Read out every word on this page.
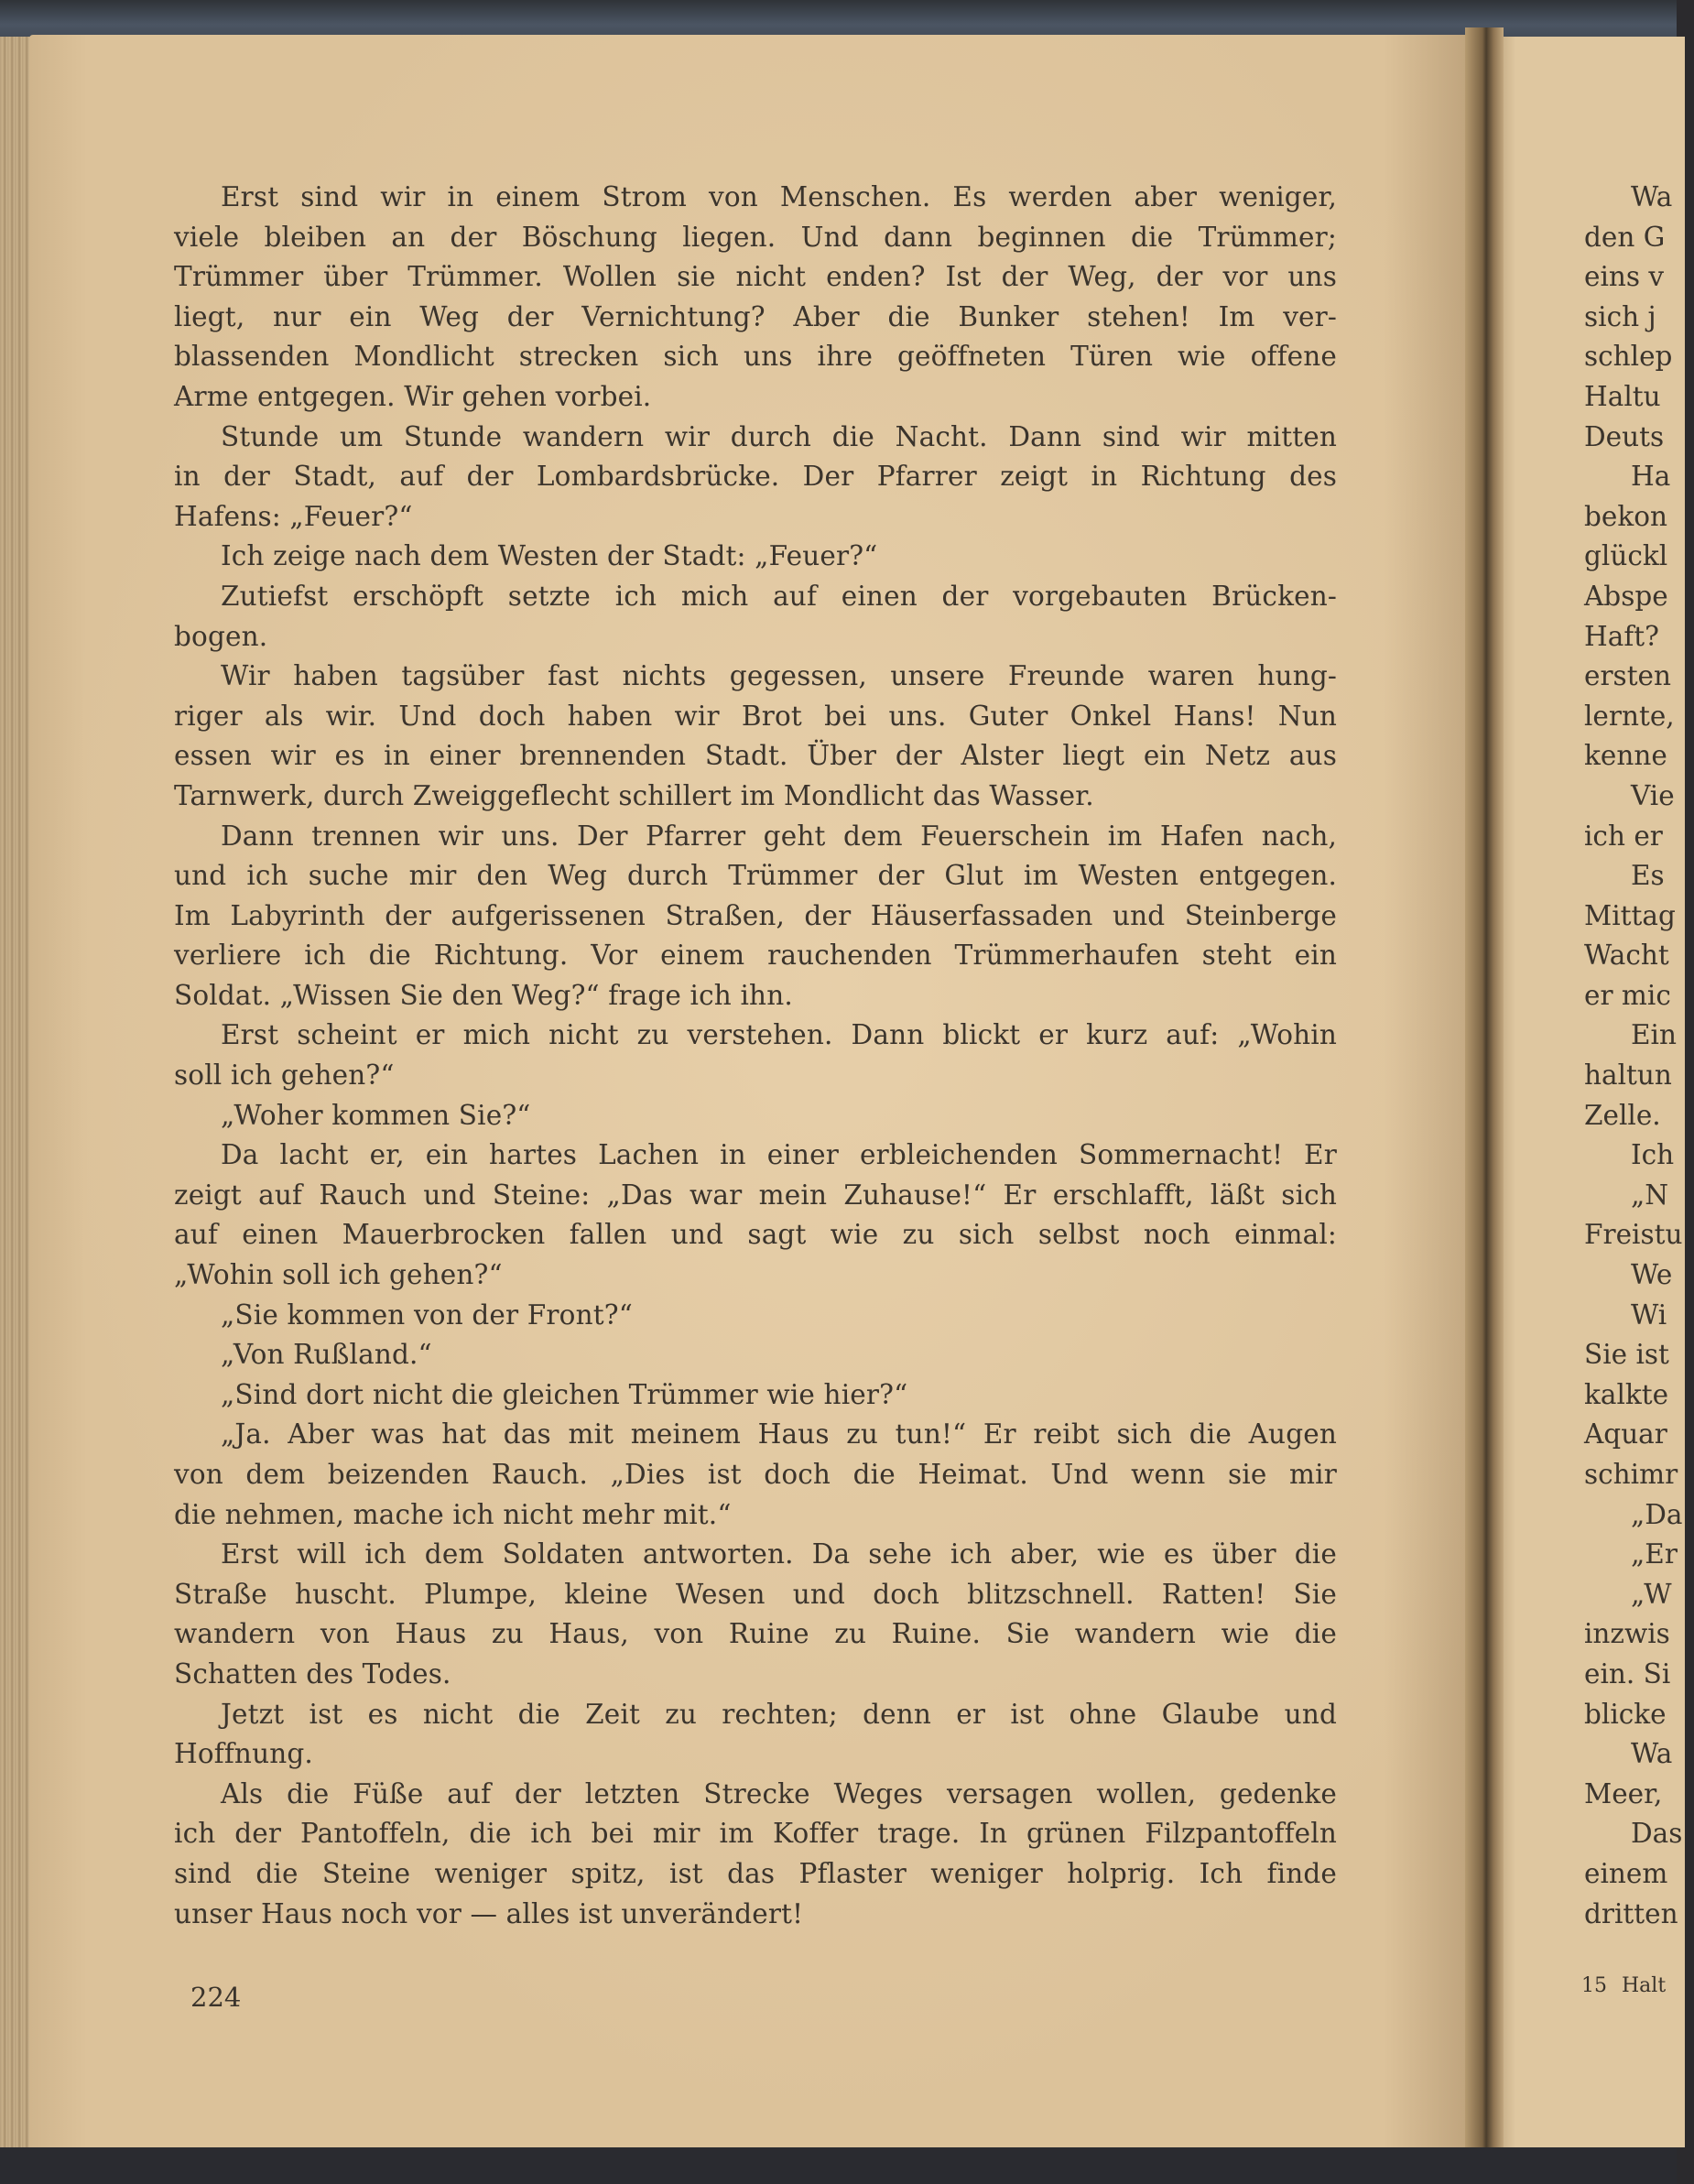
Erst sind wir in einem Strom von Menschen. Es werden aber weniger,
viele bleiben an der Böschung liegen. Und dann beginnen die Trümmer;
Trümmer über Trümmer. Wollen sie nicht enden? Ist der Weg, der vor uns
liegt, nur ein Weg der Vernichtung? Aber die Bunker stehen! Im ver-
blassenden Mondlicht strecken sich uns ihre geöffneten Türen wie offene
Arme entgegen. Wir gehen vorbei.
Stunde um Stunde wandern wir durch die Nacht. Dann sind wir mitten
in der Stadt, auf der Lombardsbrücke. Der Pfarrer zeigt in Richtung des
Hafens: „Feuer?“
Ich zeige nach dem Westen der Stadt: „Feuer?“
Zutiefst erschöpft setzte ich mich auf einen der vorgebauten Brücken-
bogen.
Wir haben tagsüber fast nichts gegessen, unsere Freunde waren hung-
riger als wir. Und doch haben wir Brot bei uns. Guter Onkel Hans! Nun
essen wir es in einer brennenden Stadt. Über der Alster liegt ein Netz aus
Tarnwerk, durch Zweiggeflecht schillert im Mondlicht das Wasser.
Dann trennen wir uns. Der Pfarrer geht dem Feuerschein im Hafen nach,
und ich suche mir den Weg durch Trümmer der Glut im Westen entgegen.
Im Labyrinth der aufgerissenen Straßen, der Häuserfassaden und Steinberge
verliere ich die Richtung. Vor einem rauchenden Trümmerhaufen steht ein
Soldat. „Wissen Sie den Weg?“ frage ich ihn.
Erst scheint er mich nicht zu verstehen. Dann blickt er kurz auf: „Wohin
soll ich gehen?“
„Woher kommen Sie?“
Da lacht er, ein hartes Lachen in einer erbleichenden Sommernacht! Er
zeigt auf Rauch und Steine: „Das war mein Zuhause!“ Er erschlafft, läßt sich
auf einen Mauerbrocken fallen und sagt wie zu sich selbst noch einmal:
„Wohin soll ich gehen?“
„Sie kommen von der Front?“
„Von Rußland.“
„Sind dort nicht die gleichen Trümmer wie hier?“
„Ja. Aber was hat das mit meinem Haus zu tun!“ Er reibt sich die Augen
von dem beizenden Rauch. „Dies ist doch die Heimat. Und wenn sie mir
die nehmen, mache ich nicht mehr mit.“
Erst will ich dem Soldaten antworten. Da sehe ich aber, wie es über die
Straße huscht. Plumpe, kleine Wesen und doch blitzschnell. Ratten! Sie
wandern von Haus zu Haus, von Ruine zu Ruine. Sie wandern wie die
Schatten des Todes.
Jetzt ist es nicht die Zeit zu rechten; denn er ist ohne Glaube und
Hoffnung.
Als die Füße auf der letzten Strecke Weges versagen wollen, gedenke
ich der Pantoffeln, die ich bei mir im Koffer trage. In grünen Filzpantoffeln
sind die Steine weniger spitz, ist das Pflaster weniger holprig. Ich finde
unser Haus noch vor — alles ist unverändert!
224
Wa
den G
eins v
sich j
schlep
Haltu
Deuts
Ha
bekon
glückl
Abspe
Haft?
ersten
lernte,
kenne
Vie
ich er
Es
Mittag
Wacht
er mic
Ein
haltun
Zelle.
Ich
„N
Freistu
We
Wi
Sie ist
kalkte
Aquar
schimr
„Da
„Er
„W
inzwis
ein. Si
blicke
Wa
Meer,
Das
einem
dritten
15 Halt
